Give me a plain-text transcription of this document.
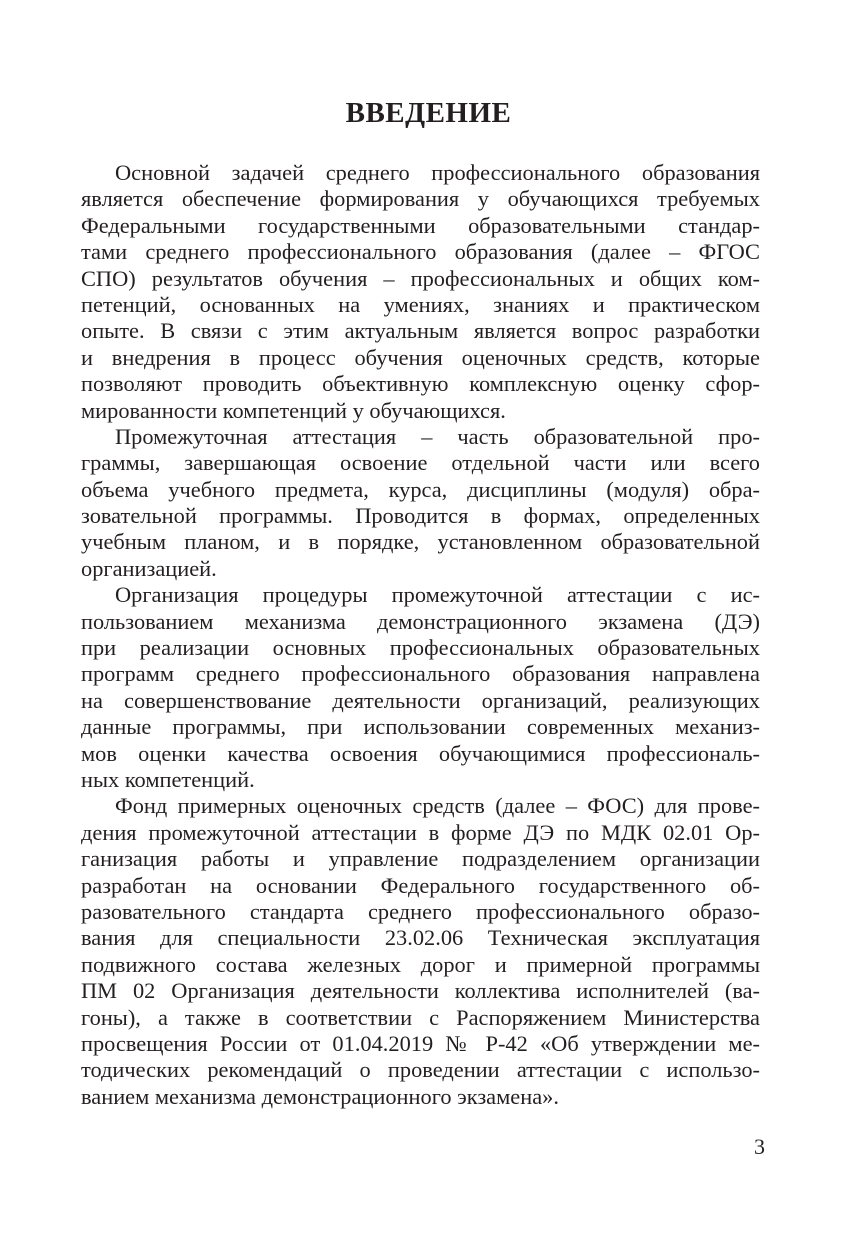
ВВЕДЕНИЕ
Основной задачей среднего профессионального образования
является обеспечение формирования у обучающихся требуемых
Федеральными государственными образовательными стандар-
тами среднего профессионального образования (далее – ФГОС
СПО) результатов обучения – профессиональных и общих ком-
петенций, основанных на умениях, знаниях и практическом
опыте. В связи с этим актуальным является вопрос разработки
и внедрения в процесс обучения оценочных средств, которые
позволяют проводить объективную комплексную оценку сфор-
мированности компетенций у обучающихся.
Промежуточная аттестация – часть образовательной про-
граммы, завершающая освоение отдельной части или всего
объема учебного предмета, курса, дисциплины (модуля) обра-
зовательной программы. Проводится в формах, определенных
учебным планом, и в порядке, установленном образовательной
организацией.
Организация процедуры промежуточной аттестации с ис-
пользованием механизма демонстрационного экзамена (ДЭ)
при реализации основных профессиональных образовательных
программ среднего профессионального образования направлена
на совершенствование деятельности организаций, реализующих
данные программы, при использовании современных механиз-
мов оценки качества освоения обучающимися профессиональ-
ных компетенций.
Фонд примерных оценочных средств (далее – ФОС) для прове-
дения промежуточной аттестации в форме ДЭ по МДК 02.01 Ор-
ганизация работы и управление подразделением организации
разработан на основании Федерального государственного об-
разовательного стандарта среднего профессионального образо-
вания для специальности 23.02.06 Техническая эксплуатация
подвижного состава железных дорог и примерной программы
ПМ 02 Организация деятельности коллектива исполнителей (ва-
гоны), а также в соответствии с Распоряжением Министерства
просвещения России от 01.04.2019 № Р-42 «Об утверждении ме-
тодических рекомендаций о проведении аттестации с использо-
ванием механизма демонстрационного экзамена».
3
